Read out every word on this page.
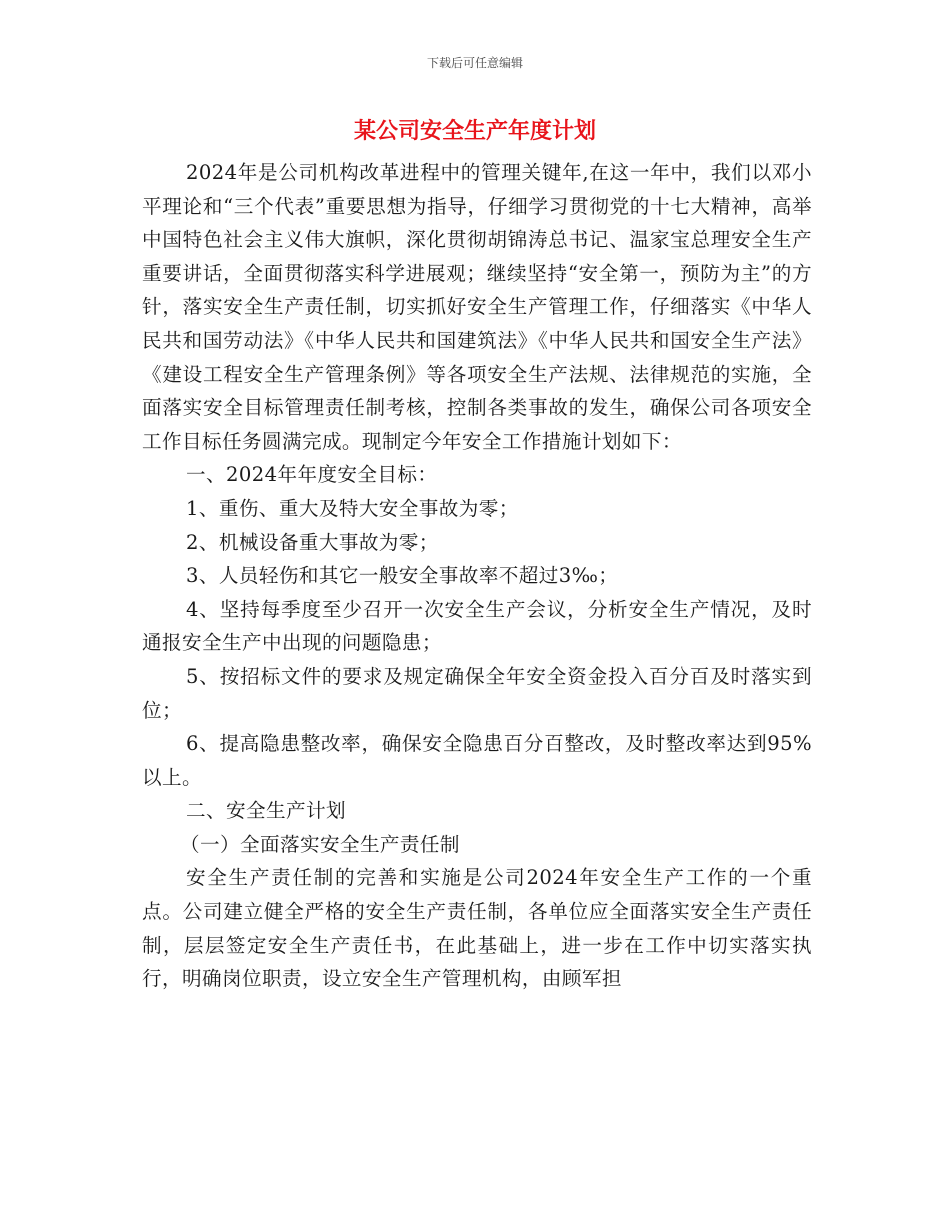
下载后可任意编辑
某公司安全生产年度计划

2024年是公司机构改革进程中的管理关键年,在这一年中，我们以邓小平理论和“三个代表”重要思想为指导，仔细学习贯彻党的十七大精神，高举中国特色社会主义伟大旗帜，深化贯彻胡锦涛总书记、温家宝总理安全生产重要讲话，全面贯彻落实科学进展观；继续坚持“安全第一，预防为主”的方针，落实安全生产责任制，切实抓好安全生产管理工作，仔细落实《中华人民共和国劳动法》《中华人民共和国建筑法》《中华人民共和国安全生产法》《建设工程安全生产管理条例》等各项安全生产法规、法律规范的实施，全面落实安全目标管理责任制考核，控制各类事故的发生，确保公司各项安全工作目标任务圆满完成。现制定今年安全工作措施计划如下：

一、2024年年度安全目标：

1、重伤、重大及特大安全事故为零；

2、机械设备重大事故为零；

3、人员轻伤和其它一般安全事故率不超过3‰；

4、坚持每季度至少召开一次安全生产会议，分析安全生产情况，及时通报安全生产中出现的问题隐患；

5、按招标文件的要求及规定确保全年安全资金投入百分百及时落实到位；

6、提高隐患整改率，确保安全隐患百分百整改，及时整改率达到95%以上。

二、安全生产计划

（一）全面落实安全生产责任制

安全生产责任制的完善和实施是公司2024年安全生产工作的一个重点。公司建立健全严格的安全生产责任制，各单位应全面落实安全生产责任制，层层签定安全生产责任书，在此基础上，进一步在工作中切实落实执行，明确岗位职责，设立安全生产管理机构，由顾军担
